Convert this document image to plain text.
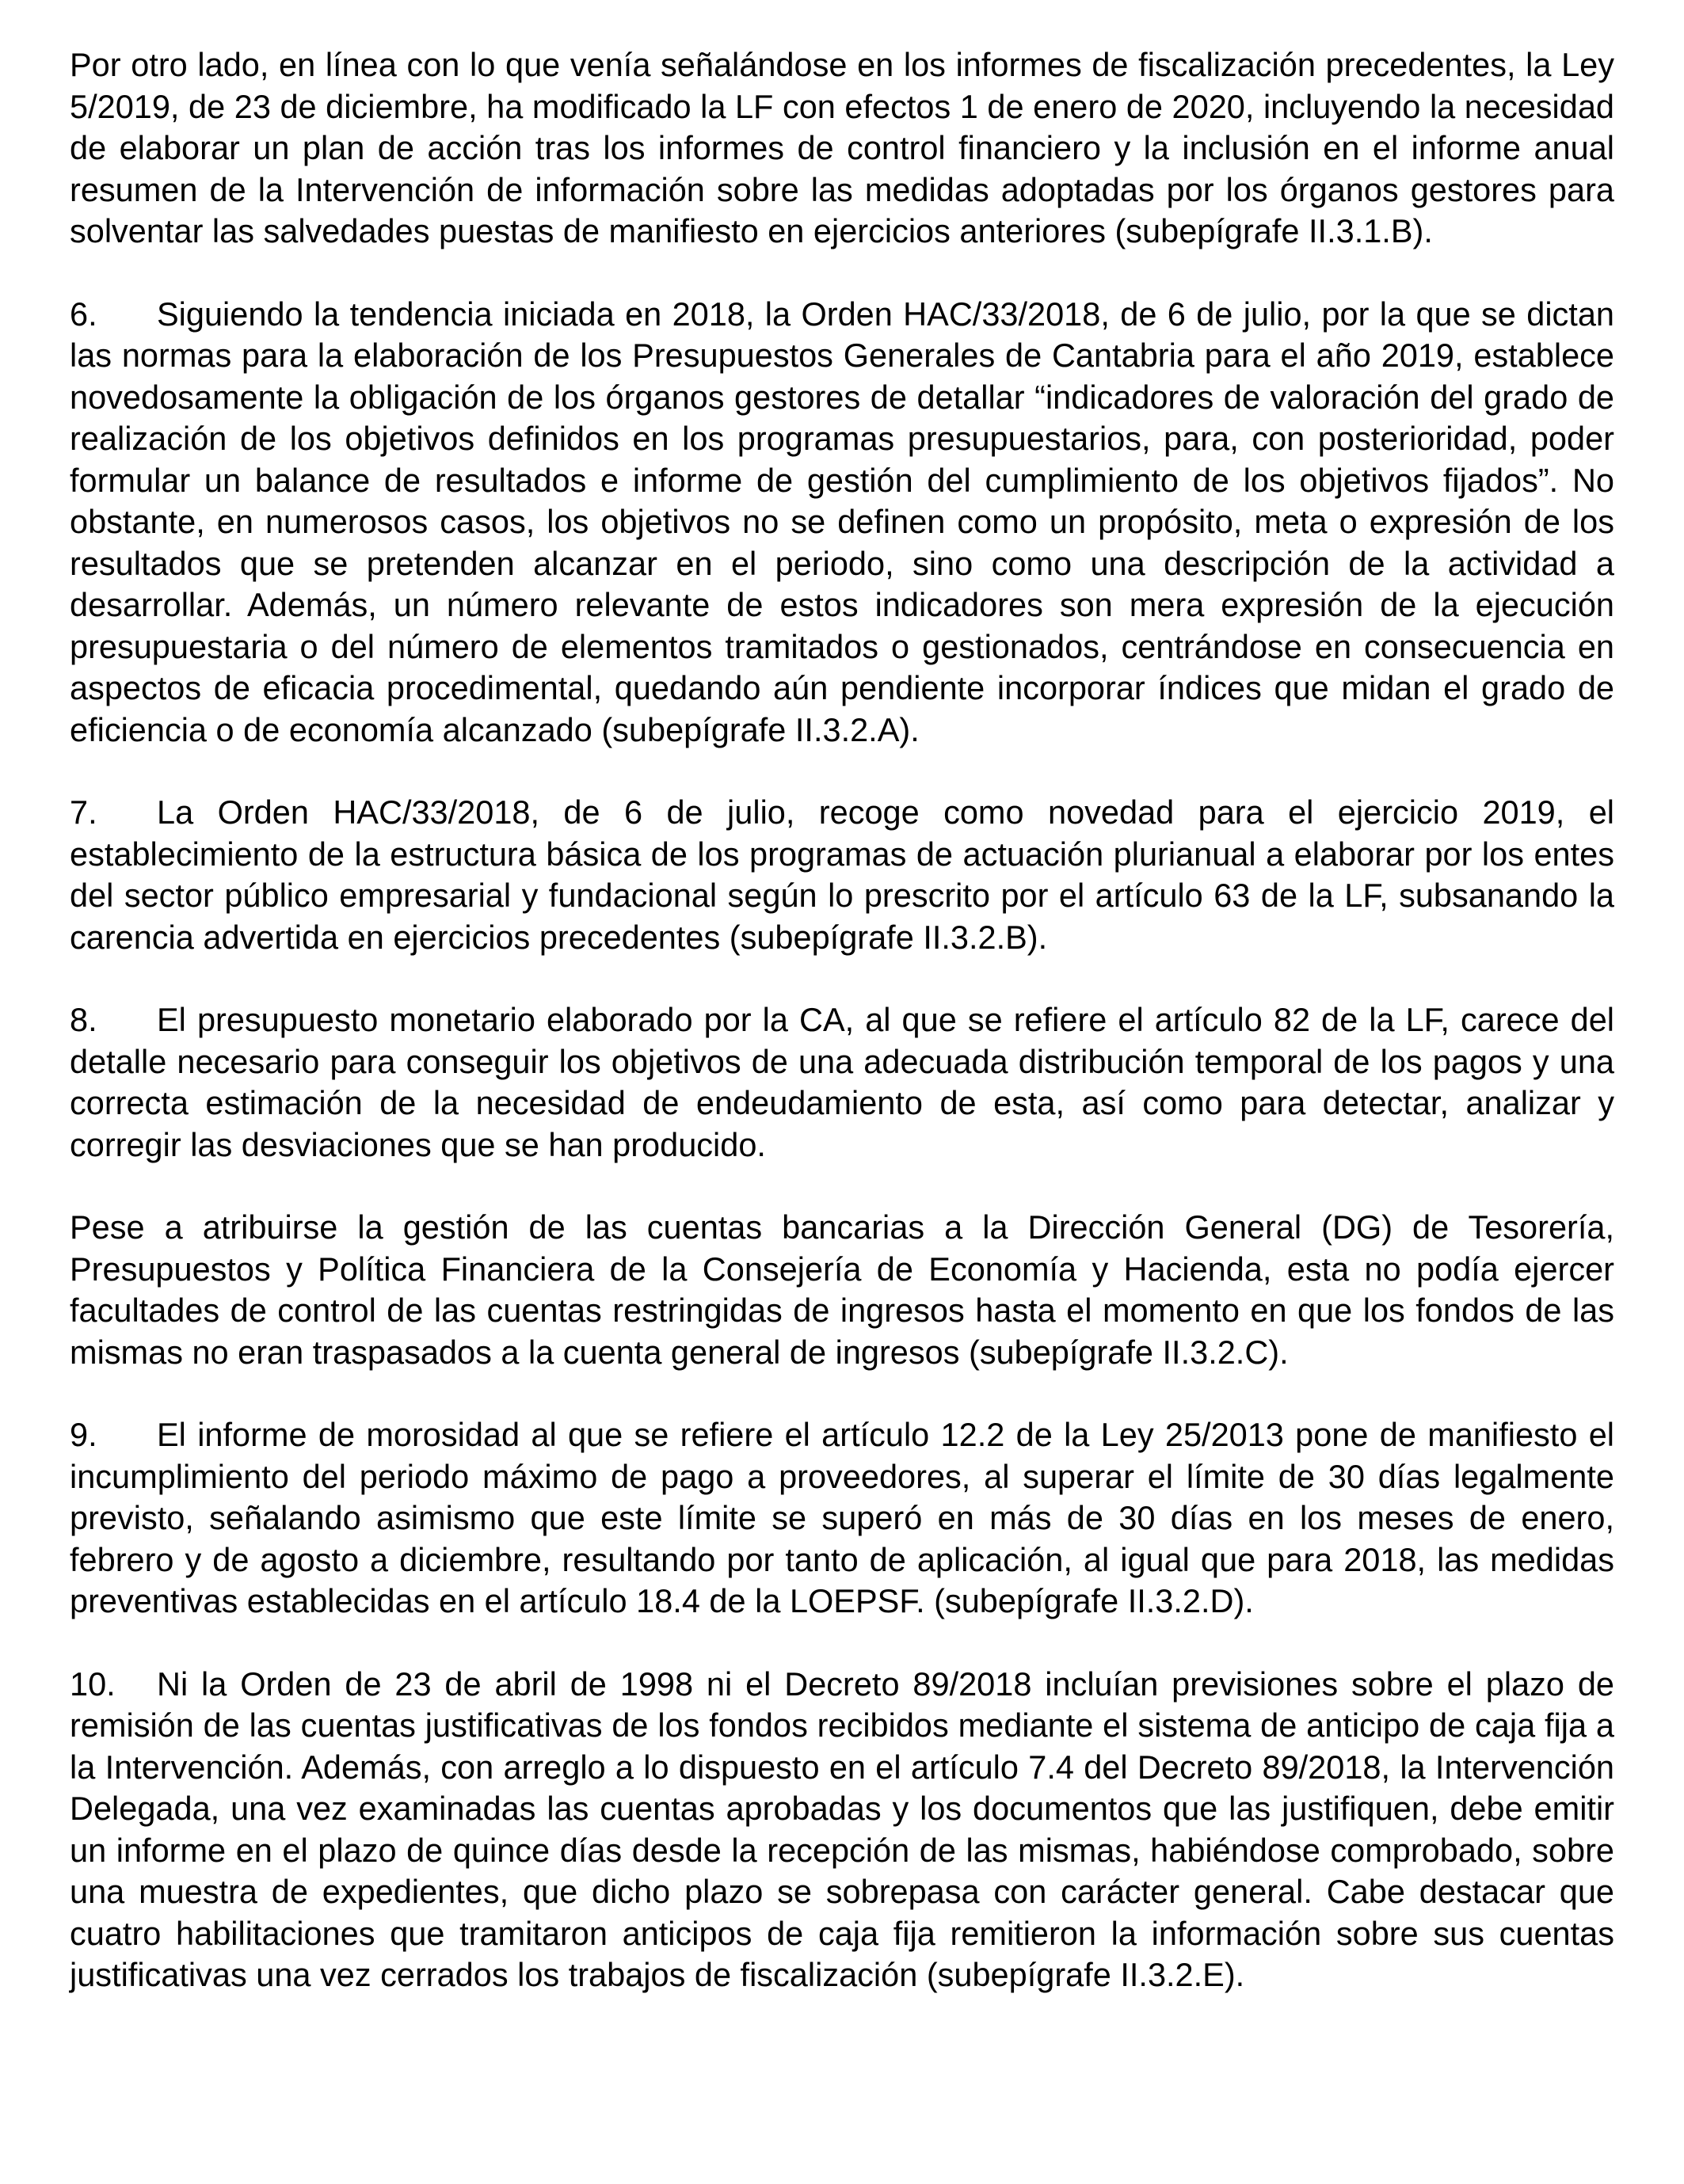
Por otro lado, en línea con lo que venía señalándose en los informes de fiscalización precedentes, la Ley 5/2019, de 23 de diciembre, ha modificado la LF con efectos 1 de enero de 2020, incluyendo la necesidad de elaborar un plan de acción tras los informes de control financiero y la inclusión en el informe anual resumen de la Intervención de información sobre las medidas adoptadas por los órganos gestores para solventar las salvedades puestas de manifiesto en ejercicios anteriores (subepígrafe II.3.1.B).

6. Siguiendo la tendencia iniciada en 2018, la Orden HAC/33/2018, de 6 de julio, por la que se dictan las normas para la elaboración de los Presupuestos Generales de Cantabria para el año 2019, establece novedosamente la obligación de los órganos gestores de detallar “indicadores de valoración del grado de realización de los objetivos definidos en los programas presupuestarios, para, con posterioridad, poder formular un balance de resultados e informe de gestión del cumplimiento de los objetivos fijados”. No obstante, en numerosos casos, los objetivos no se definen como un propósito, meta o expresión de los resultados que se pretenden alcanzar en el periodo, sino como una descripción de la actividad a desarrollar. Además, un número relevante de estos indicadores son mera expresión de la ejecución presupuestaria o del número de elementos tramitados o gestionados, centrándose en consecuencia en aspectos de eficacia procedimental, quedando aún pendiente incorporar índices que midan el grado de eficiencia o de economía alcanzado (subepígrafe II.3.2.A).

7. La Orden HAC/33/2018, de 6 de julio, recoge como novedad para el ejercicio 2019, el establecimiento de la estructura básica de los programas de actuación plurianual a elaborar por los entes del sector público empresarial y fundacional según lo prescrito por el artículo 63 de la LF, subsanando la carencia advertida en ejercicios precedentes (subepígrafe II.3.2.B).

8. El presupuesto monetario elaborado por la CA, al que se refiere el artículo 82 de la LF, carece del detalle necesario para conseguir los objetivos de una adecuada distribución temporal de los pagos y una correcta estimación de la necesidad de endeudamiento de esta, así como para detectar, analizar y corregir las desviaciones que se han producido.

Pese a atribuirse la gestión de las cuentas bancarias a la Dirección General (DG) de Tesorería, Presupuestos y Política Financiera de la Consejería de Economía y Hacienda, esta no podía ejercer facultades de control de las cuentas restringidas de ingresos hasta el momento en que los fondos de las mismas no eran traspasados a la cuenta general de ingresos (subepígrafe II.3.2.C).

9. El informe de morosidad al que se refiere el artículo 12.2 de la Ley 25/2013 pone de manifiesto el incumplimiento del periodo máximo de pago a proveedores, al superar el límite de 30 días legalmente previsto, señalando asimismo que este límite se superó en más de 30 días en los meses de enero, febrero y de agosto a diciembre, resultando por tanto de aplicación, al igual que para 2018, las medidas preventivas establecidas en el artículo 18.4 de la LOEPSF. (subepígrafe II.3.2.D).

10. Ni la Orden de 23 de abril de 1998 ni el Decreto 89/2018 incluían previsiones sobre el plazo de remisión de las cuentas justificativas de los fondos recibidos mediante el sistema de anticipo de caja fija a la Intervención. Además, con arreglo a lo dispuesto en el artículo 7.4 del Decreto 89/2018, la Intervención Delegada, una vez examinadas las cuentas aprobadas y los documentos que las justifiquen, debe emitir un informe en el plazo de quince días desde la recepción de las mismas, habiéndose comprobado, sobre una muestra de expedientes, que dicho plazo se sobrepasa con carácter general. Cabe destacar que cuatro habilitaciones que tramitaron anticipos de caja fija remitieron la información sobre sus cuentas justificativas una vez cerrados los trabajos de fiscalización (subepígrafe II.3.2.E).
